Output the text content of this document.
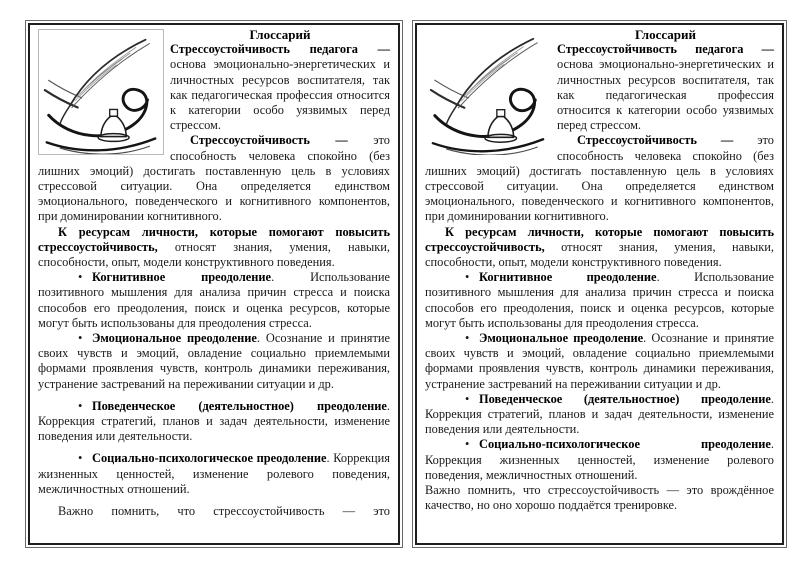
Глоссарий

Стрессоустойчивость педагога — основа эмоционально-энергетических и личностных ресурсов воспитателя, так как педагогическая профессия относится к категории особо уязвимых перед стрессом.

Стрессоустойчивость — это способность человека спокойно (без лишних эмоций) достигать поставленную цель в условиях стрессовой ситуации. Она определяется единством эмоционального, поведенческого и когнитивного компонентов, при доминировании когнитивного.

К ресурсам личности, которые помогают повысить стрессоустойчивость, относят знания, умения, навыки, способности, опыт, модели конструктивного поведения.

• Когнитивное преодоление. Использование позитивного мышления для анализа причин стресса и поиска способов его преодоления, поиск и оценка ресурсов, которые могут быть использованы для преодоления стресса.

• Эмоциональное преодоление. Осознание и принятие своих чувств и эмоций, овладение социально приемлемыми формами проявления чувств, контроль динамики переживания, устранение застреваний на переживании ситуации и др.

• Поведенческое (деятельностное) преодоление. Коррекция стратегий, планов и задач деятельности, изменение поведения или деятельности.

• Социально-психологическое преодоление. Коррекция жизненных ценностей, изменение ролевого поведения, межличностных отношений.

Важно помнить, что стрессоустойчивость — это

Глоссарий

Стрессоустойчивость педагога — основа эмоционально-энергетических и личностных ресурсов воспитателя, так как педагогическая профессия относится к категории особо уязвимых перед стрессом.

Стрессоустойчивость — это способность человека спокойно (без лишних эмоций) достигать поставленную цель в условиях стрессовой ситуации. Она определяется единством эмоционального, поведенческого и когнитивного компонентов, при доминировании когнитивного.

К ресурсам личности, которые помогают повысить стрессоустойчивость, относят знания, умения, навыки, способности, опыт, модели конструктивного поведения.

• Когнитивное преодоление. Использование позитивного мышления для анализа причин стресса и поиска способов его преодоления, поиск и оценка ресурсов, которые могут быть использованы для преодоления стресса.

• Эмоциональное преодоление. Осознание и принятие своих чувств и эмоций, овладение социально приемлемыми формами проявления чувств, контроль динамики переживания, устранение застреваний на переживании ситуации и др.

• Поведенческое (деятельностное) преодоление. Коррекция стратегий, планов и задач деятельности, изменение поведения или деятельности.

• Социально-психологическое преодоление. Коррекция жизненных ценностей, изменение ролевого поведения, межличностных отношений.

Важно помнить, что стрессоустойчивость — это врождённое качество, но оно хорошо поддаётся тренировке.
